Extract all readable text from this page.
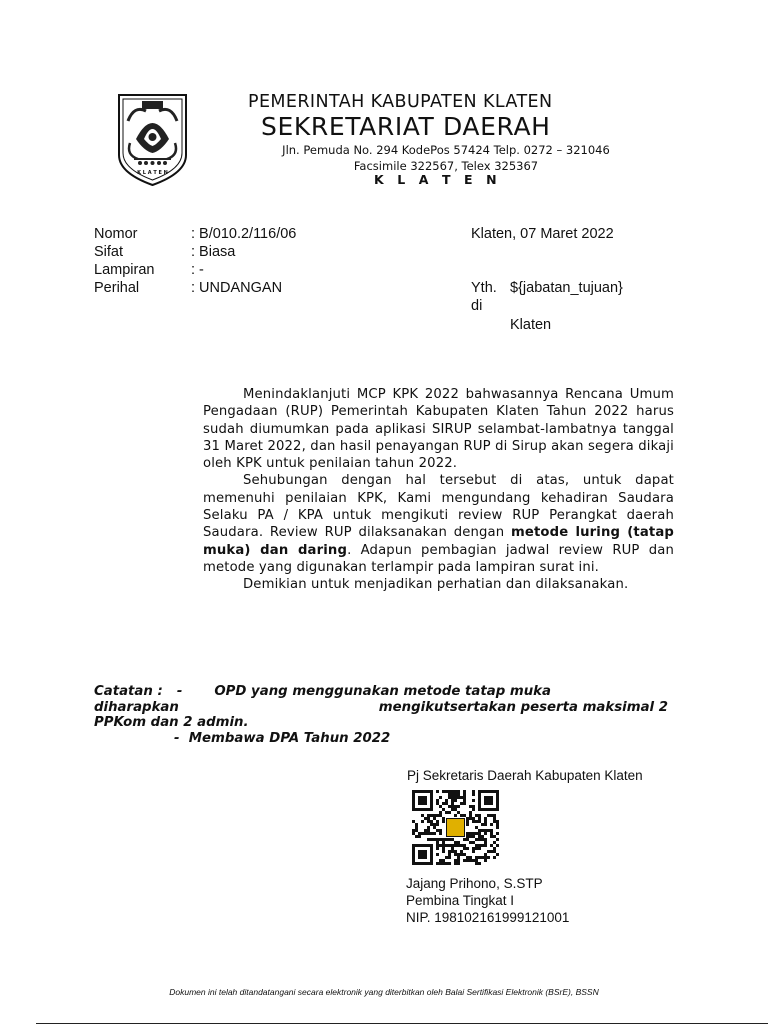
K L A T E N
PEMERINTAH KABUPATEN KLATEN
SEKRETARIAT DAERAH
Jln. Pemuda No. 294 KodePos 57424 Telp. 0272 – 321046 Facsimile 322567, Telex 325367
K L A T E N
Nomor	: B/010.2/116/06
Sifat	: Biasa
Lampiran	: -
Perihal	: UNDANGAN
Klaten, 07 Maret 2022
Yth. ${jabatan_tujuan}
di
Klaten

Menindaklanjuti MCP KPK 2022 bahwasannya Rencana Umum Pengadaan (RUP) Pemerintah Kabupaten Klaten Tahun 2022 harus sudah diumumkan pada aplikasi SIRUP selambat-lambatnya tanggal 31 Maret 2022, dan hasil penayangan RUP di Sirup akan segera dikaji oleh KPK untuk penilaian tahun 2022.

Sehubungan dengan hal tersebut di atas, untuk dapat memenuhi penilaian KPK, Kami mengundang kehadiran Saudara Selaku PA / KPA untuk mengikuti review RUP Perangkat daerah Saudara. Review RUP dilaksanakan dengan metode luring (tatap muka) dan daring. Adapun pembagian jadwal review RUP dan metode yang digunakan terlampir pada lampiran surat ini.

Demikian untuk menjadikan perhatian dan dilaksanakan.

Catatan : - OPD yang menggunakan metode tatap muka
diharapkan	mengikutsertakan peserta maksimal 2
PPKom dan 2 admin.
- Membawa DPA Tahun 2022
Pj Sekretaris Daerah Kabupaten Klaten
Jajang Prihono, S.STP
Pembina Tingkat I
NIP. 198102161999121001
Dokumen ini telah ditandatangani secara elektronik yang diterbitkan oleh Balai Sertifikasi Elektronik (BSrE), BSSN
